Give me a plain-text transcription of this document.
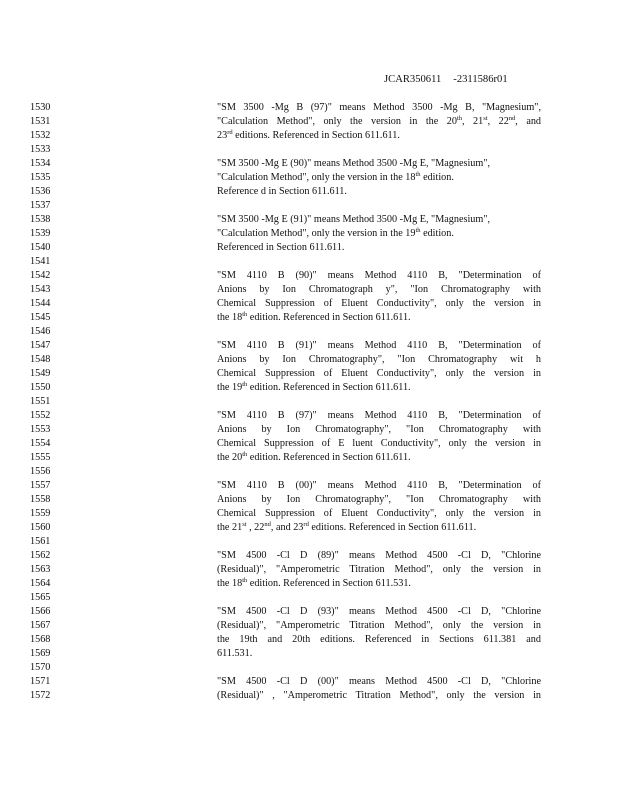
JCAR350611 -2311586r01
1530	"SM 3500 -Mg B (97)" means Method 3500 -Mg B, "Magnesium",
1531	"Calculation Method", only the version in the 20th, 21st, 22nd, and
1532	23rd editions. Referenced in Section 611.611.
1533
1534	"SM 3500 -Mg E (90)" means Method 3500 -Mg E, "Magnesium",
1535	"Calculation Method", only the version in the 18th edition.
1536	Reference d in Section 611.611.
1537
1538	"SM 3500 -Mg E (91)" means Method 3500 -Mg E, "Magnesium",
1539	"Calculation Method", only the version in the 19th edition.
1540	Referenced in Section 611.611.
1541
1542	"SM 4110 B (90)" means Method 4110 B, "Determination of
1543	Anions by Ion Chromatograph y", "Ion Chromatography with
1544	Chemical Suppression of Eluent Conductivity", only the version in
1545	the 18th edition. Referenced in Section 611.611.
1546
1547	"SM 4110 B (91)" means Method 4110 B, "Determination of
1548	Anions by Ion Chromatography", "Ion Chromatography wit h
1549	Chemical Suppression of Eluent Conductivity", only the version in
1550	the 19th edition. Referenced in Section 611.611.
1551
1552	"SM 4110 B (97)" means Method 4110 B, "Determination of
1553	Anions by Ion Chromatography", "Ion Chromatography with
1554	Chemical Suppression of E luent Conductivity", only the version in
1555	the 20th edition. Referenced in Section 611.611.
1556
1557	"SM 4110 B (00)" means Method 4110 B, "Determination of
1558	Anions by Ion Chromatography", "Ion Chromatography with
1559	Chemical Suppression of Eluent Conductivity", only the version in
1560	the 21st , 22nd, and 23rd editions. Referenced in Section 611.611.
1561
1562	"SM 4500 -Cl D (89)" means Method 4500 -Cl D, "Chlorine
1563	(Residual)", "Amperometric Titration Method", only the version in
1564	the 18th edition. Referenced in Section 611.531.
1565
1566	"SM 4500 -Cl D (93)" means Method 4500 -Cl D, "Chlorine
1567	(Residual)", "Amperometric Titration Method", only the version in
1568	the 19th and 20th editions. Referenced in Sections 611.381 and
1569	611.531.
1570
1571	"SM 4500 -Cl D (00)" means Method 4500 -Cl D, "Chlorine
1572	(Residual)" , "Amperometric Titration Method", only the version in
